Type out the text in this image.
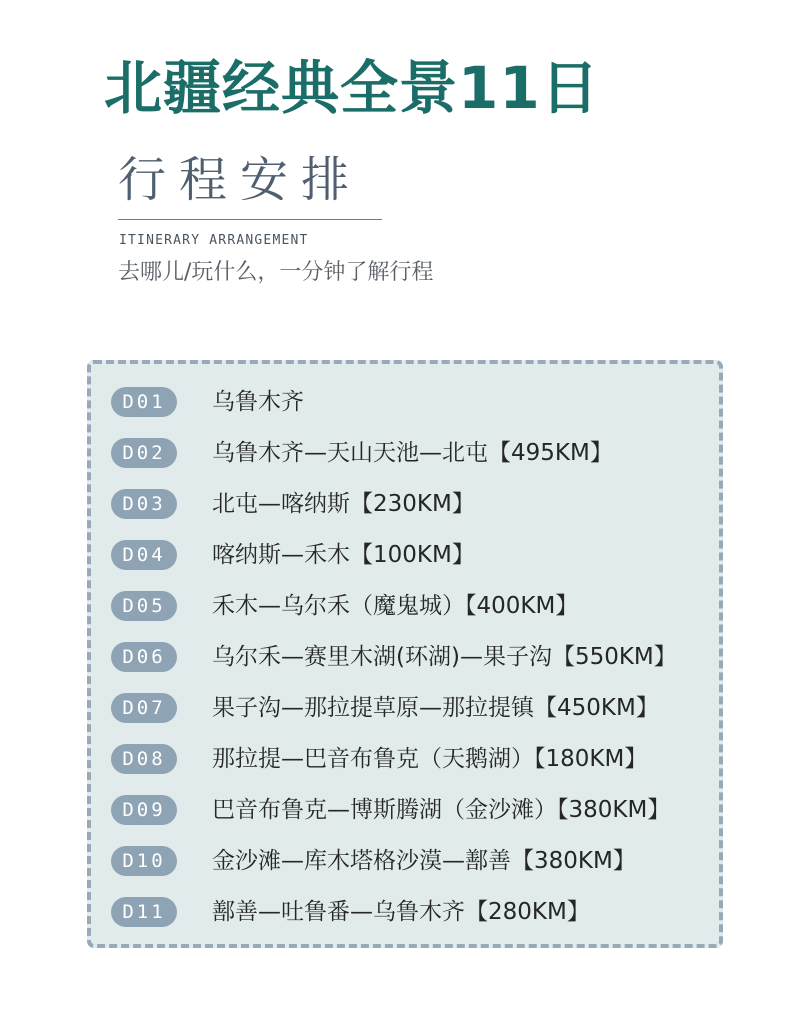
北疆经典全景11日
行程安排
ITINERARY ARRANGEMENT
去哪儿/玩什么，一分钟了解行程
D01	乌鲁木齐
D02	乌鲁木齐—天山天池—北屯【495KM】
D03	北屯—喀纳斯【230KM】
D04	喀纳斯—禾木【100KM】
D05	禾木—乌尔禾（魔鬼城）【400KM】
D06	乌尔禾—赛里木湖(环湖)—果子沟【550KM】
D07	果子沟—那拉提草原—那拉提镇【450KM】
D08	那拉提—巴音布鲁克（天鹅湖）【180KM】
D09	巴音布鲁克—博斯腾湖（金沙滩）【380KM】
D10	金沙滩—库木塔格沙漠—鄯善【380KM】
D11	鄯善—吐鲁番—乌鲁木齐【280KM】
